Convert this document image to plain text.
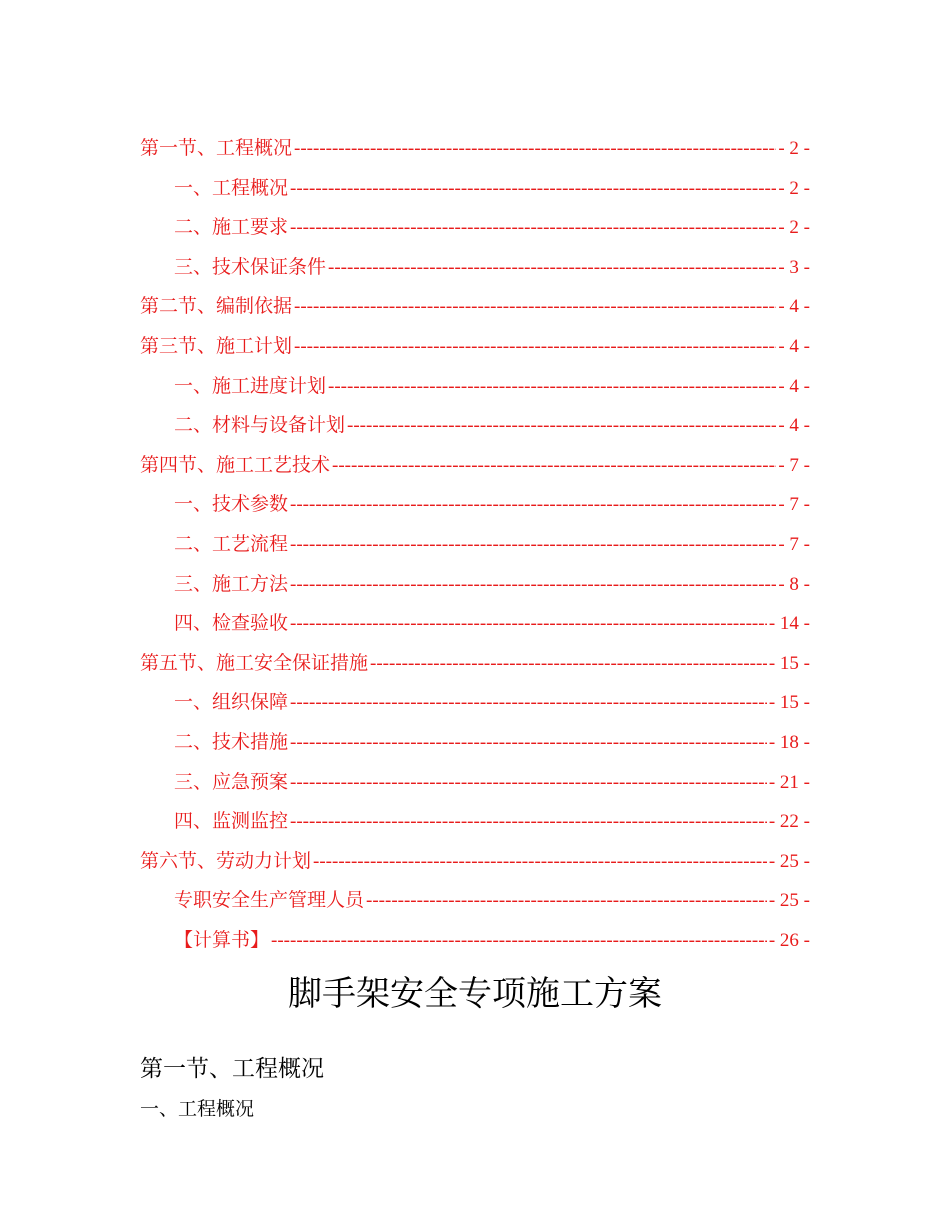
第一节、工程概况 -----	- 2 -
一、工程概况 -----	- 2 -
二、施工要求 -----	- 2 -
三、技术保证条件 -----	- 3 -
第二节、编制依据 -----	- 4 -
第三节、施工计划 -----	- 4 -
一、施工进度计划 -----	- 4 -
二、材料与设备计划 -----	- 4 -
第四节、施工工艺技术 -----	- 7 -
一、技术参数 -----	- 7 -
二、工艺流程 -----	- 7 -
三、施工方法 -----	- 8 -
四、检查验收 -----	- 14 -
第五节、施工安全保证措施 -----	- 15 -
一、组织保障 -----	- 15 -
二、技术措施 -----	- 18 -
三、应急预案 -----	- 21 -
四、监测监控 -----	- 22 -
第六节、劳动力计划 -----	- 25 -
专职安全生产管理人员 -----	- 25 -
【计算书】 -----	- 26 -
脚手架安全专项施工方案
第一节、工程概况
一、工程概况
